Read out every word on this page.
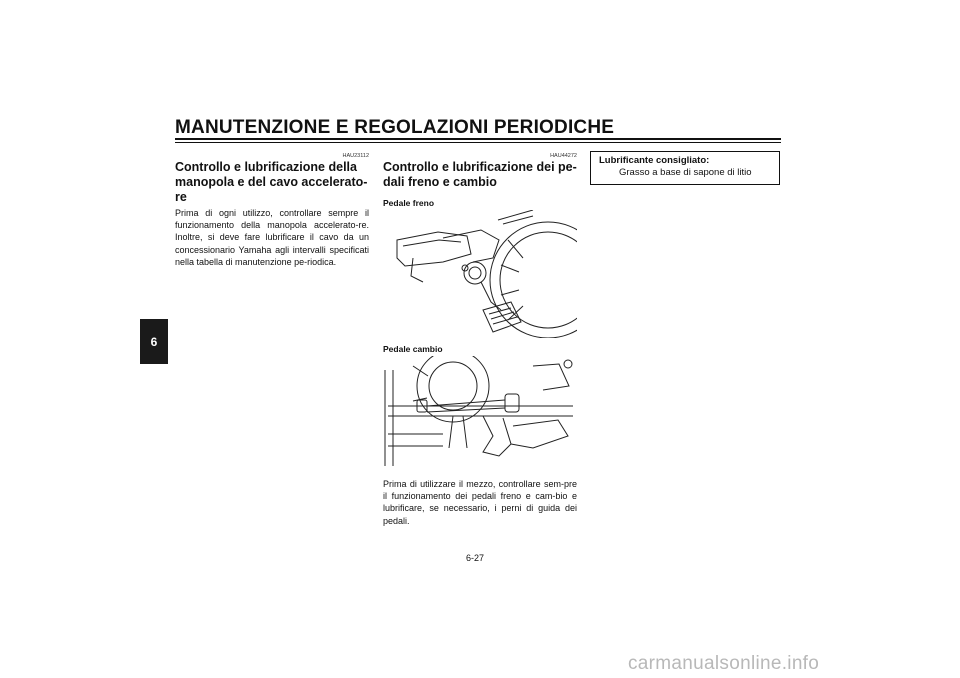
MANUTENZIONE E REGOLAZIONI PERIODICHE
6
HAU23112
Controllo e lubrificazione della manopola e del cavo accelerato-re

Prima di ogni utilizzo, controllare sempre il funzionamento della manopola accelerato-re. Inoltre, si deve fare lubrificare il cavo da un concessionario Yamaha agli intervalli specificati nella tabella di manutenzione pe-riodica.

HAU44272
Controllo e lubrificazione dei pe-dali freno e cambio

Pedale freno

Pedale cambio

Prima di utilizzare il mezzo, controllare sem-pre il funzionamento dei pedali freno e cam-bio e lubrificare, se necessario, i perni di guida dei pedali.

Lubrificante consigliato:

Grasso a base di sapone di litio

6-27
carmanualsonline.info
